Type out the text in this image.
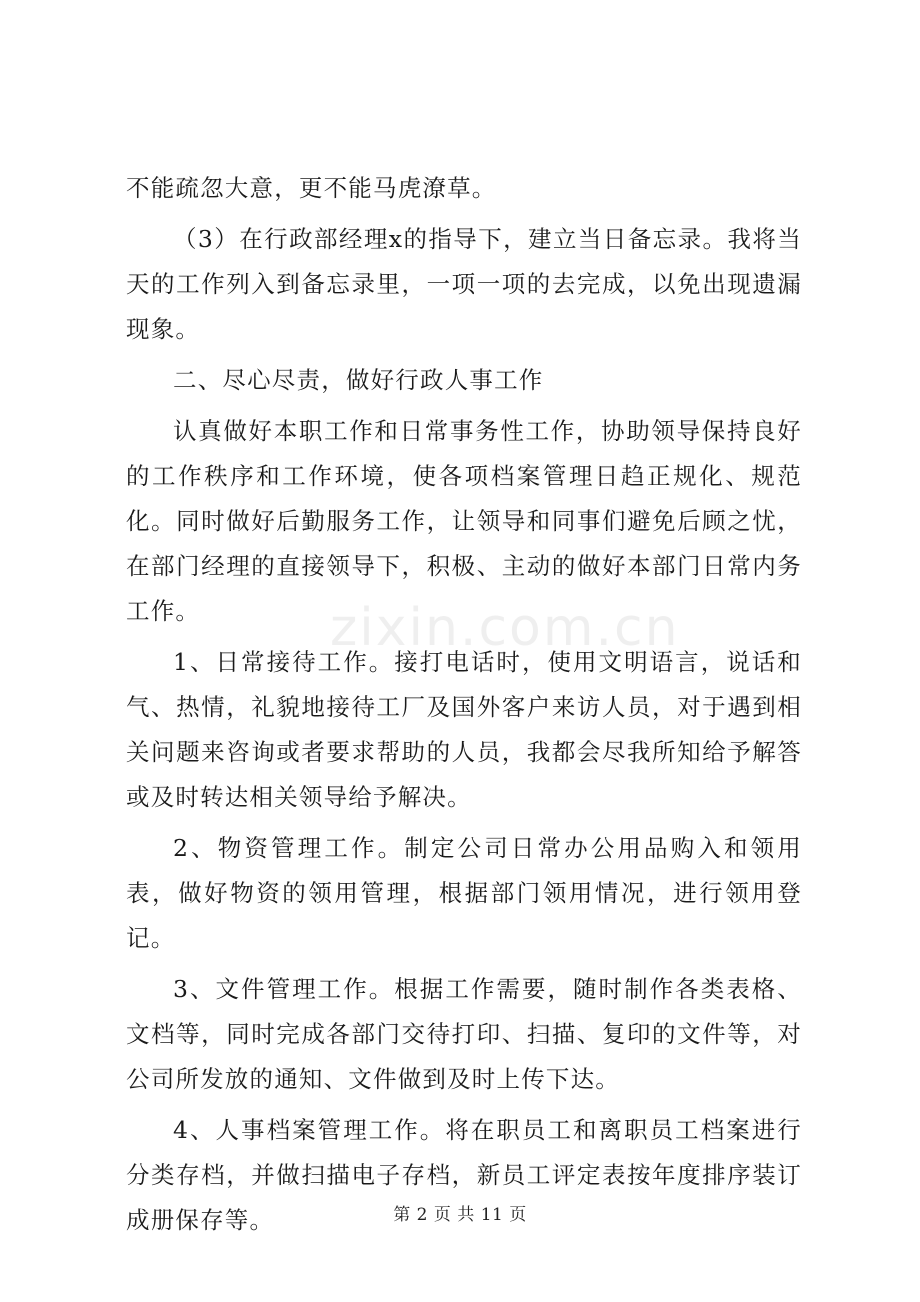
zixin.com.cn

不能疏忽大意，更不能马虎潦草。

（3）在行政部经理x的指导下，建立当日备忘录。我将当天的工作列入到备忘录里，一项一项的去完成，以免出现遗漏现象。

二、尽心尽责，做好行政人事工作

认真做好本职工作和日常事务性工作，协助领导保持良好的工作秩序和工作环境，使各项档案管理日趋正规化、规范化。同时做好后勤服务工作，让领导和同事们避免后顾之忧，在部门经理的直接领导下，积极、主动的做好本部门日常内务工作。

1、日常接待工作。接打电话时，使用文明语言，说话和气、热情，礼貌地接待工厂及国外客户来访人员，对于遇到相关问题来咨询或者要求帮助的人员，我都会尽我所知给予解答或及时转达相关领导给予解决。

2、物资管理工作。制定公司日常办公用品购入和领用表，做好物资的领用管理，根据部门领用情况，进行领用登记。

3、文件管理工作。根据工作需要，随时制作各类表格、文档等，同时完成各部门交待打印、扫描、复印的文件等，对公司所发放的通知、文件做到及时上传下达。

4、人事档案管理工作。将在职员工和离职员工档案进行分类存档，并做扫描电子存档，新员工评定表按年度排序装订成册保存等。	第 2 页 共 11 页
